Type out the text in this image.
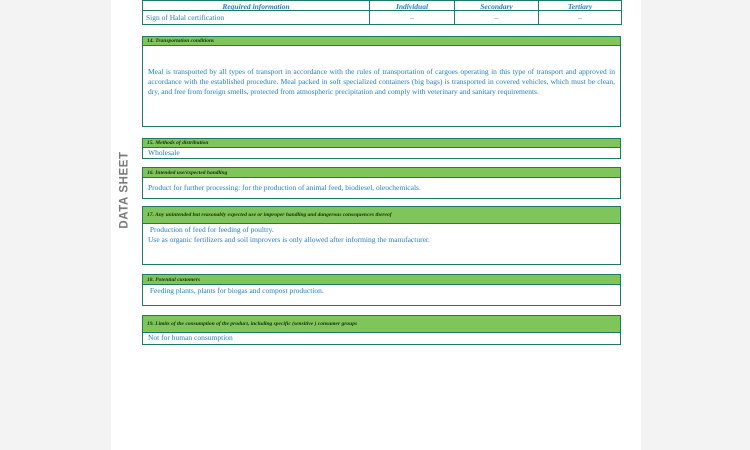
DATA SHEET
Required information	Individual	Secondary	Tertiary
Sign of Halal certification	–	–	–
14. Transportation conditions

Meal is transported by all types of transport in accordance with the rules of transportation of cargoes operating in this type of transport and approved in accordance with the established procedure. Meal packed in soft specialized containers (big bags) is transported in covered vehicles, which must be clean, dry, and free from foreign smells, protected from atmospheric precipitation and comply with veterinary and sanitary requirements.

15. Methods of distribution

Wholesale

16. Intended use/expected handling

Product for further processing: for the production of animal feed, biodiesel, oleochemicals.

17. Any unintended but reasonably expected use or improper handling and dangerous consequences thereof

Production of feed for feeding of poultry.

Use as organic fertilizers and soil improvers is only allowed after informing the manufacturer.

18. Potential customers

Feeding plants, plants for biogas and compost production.

19. Limits of the consumption of the product, including specific (sensitive ) consumer groups

Not for human consumption
